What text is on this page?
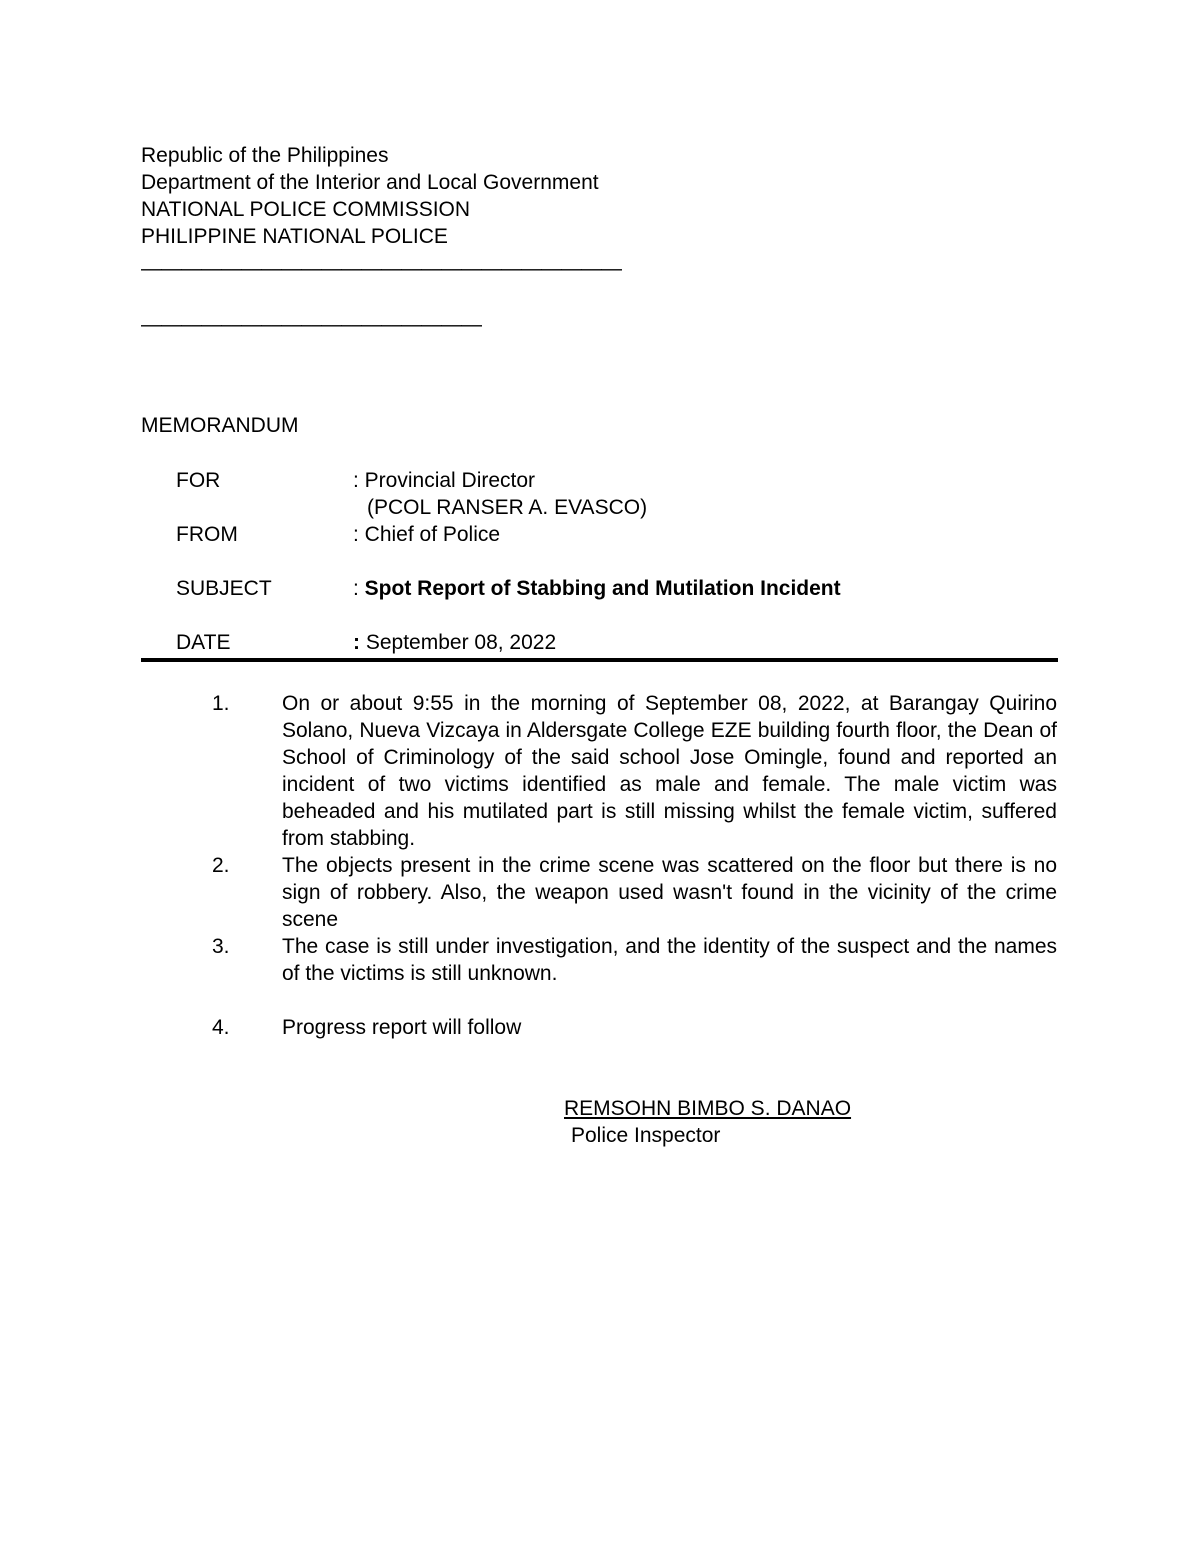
Republic of the Philippines
Department of the Interior and Local Government
NATIONAL POLICE COMMISSION
PHILIPPINE NATIONAL POLICE
————————————————————————
—————————————————
MEMORANDUM
FOR	: Provincial Director
(PCOL RANSER A. EVASCO)
FROM	: Chief of Police
SUBJECT	: Spot Report of Stabbing and Mutilation Incident
DATE	: September 08, 2022
1. On or about 9:55 in the morning of September 08, 2022, at Barangay Quirino Solano, Nueva Vizcaya in Aldersgate College EZE building fourth floor, the Dean of School of Criminology of the said school Jose Omingle, found and reported an incident of two victims identified as male and female. The male victim was beheaded and his mutilated part is still missing whilst the female victim, suffered from stabbing.
2. The objects present in the crime scene was scattered on the floor but there is no sign of robbery. Also, the weapon used wasn't found in the vicinity of the crime scene
3. The case is still under investigation, and the identity of the suspect and the names of the victims is still unknown.
4. Progress report will follow
REMSOHN BIMBO S. DANAO
Police Inspector
